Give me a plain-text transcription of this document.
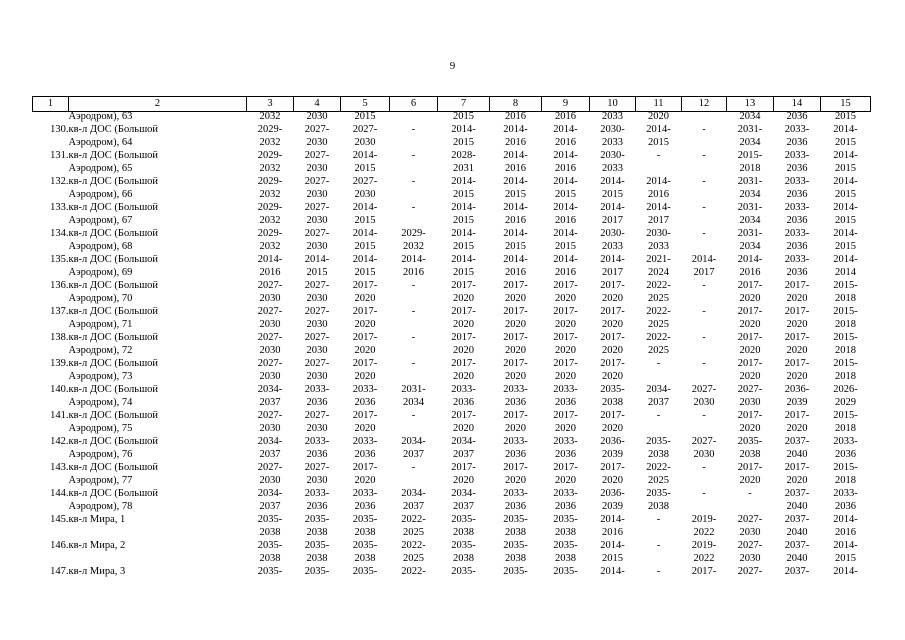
9
1	2	3	4	5	6	7	8	9	10	11	12	13	14	15
	Аэродром), 63	2032	2030	2015		2015	2016	2016	2033	2020		2034	2036	2015
130.	кв-л ДОС (Большой	2029-	2027-	2027-	-	2014-	2014-	2014-	2030-	2014-	-	2031-	2033-	2014-
	Аэродром), 64	2032	2030	2030		2015	2016	2016	2033	2015		2034	2036	2015
131.	кв-л ДОС (Большой	2029-	2027-	2014-	-	2028-	2014-	2014-	2030-	-	-	2015-	2033-	2014-
	Аэродром), 65	2032	2030	2015		2031	2016	2016	2033			2018	2036	2015
132.	кв-л ДОС (Большой	2029-	2027-	2027-	-	2014-	2014-	2014-	2014-	2014-	-	2031-	2033-	2014-
	Аэродром), 66	2032	2030	2030		2015	2015	2015	2015	2016		2034	2036	2015
133.	кв-л ДОС (Большой	2029-	2027-	2014-	-	2014-	2014-	2014-	2014-	2014-	-	2031-	2033-	2014-
	Аэродром), 67	2032	2030	2015		2015	2016	2016	2017	2017		2034	2036	2015
134.	кв-л ДОС (Большой	2029-	2027-	2014-	2029-	2014-	2014-	2014-	2030-	2030-	-	2031-	2033-	2014-
	Аэродром), 68	2032	2030	2015	2032	2015	2015	2015	2033	2033		2034	2036	2015
135.	кв-л ДОС (Большой	2014-	2014-	2014-	2014-	2014-	2014-	2014-	2014-	2021-	2014-	2014-	2033-	2014-
	Аэродром), 69	2016	2015	2015	2016	2015	2016	2016	2017	2024	2017	2016	2036	2014
136.	кв-л ДОС (Большой	2027-	2027-	2017-	-	2017-	2017-	2017-	2017-	2022-	-	2017-	2017-	2015-
	Аэродром), 70	2030	2030	2020		2020	2020	2020	2020	2025		2020	2020	2018
137.	кв-л ДОС (Большой	2027-	2027-	2017-	-	2017-	2017-	2017-	2017-	2022-	-	2017-	2017-	2015-
	Аэродром), 71	2030	2030	2020		2020	2020	2020	2020	2025		2020	2020	2018
138.	кв-л ДОС (Большой	2027-	2027-	2017-	-	2017-	2017-	2017-	2017-	2022-	-	2017-	2017-	2015-
	Аэродром), 72	2030	2030	2020		2020	2020	2020	2020	2025		2020	2020	2018
139.	кв-л ДОС (Большой	2027-	2027-	2017-	-	2017-	2017-	2017-	2017-	-	-	2017-	2017-	2015-
	Аэродром), 73	2030	2030	2020		2020	2020	2020	2020			2020	2020	2018
140.	кв-л ДОС (Большой	2034-	2033-	2033-	2031-	2033-	2033-	2033-	2035-	2034-	2027-	2027-	2036-	2026-
	Аэродром), 74	2037	2036	2036	2034	2036	2036	2036	2038	2037	2030	2030	2039	2029
141.	кв-л ДОС (Большой	2027-	2027-	2017-	-	2017-	2017-	2017-	2017-	-	-	2017-	2017-	2015-
	Аэродром), 75	2030	2030	2020		2020	2020	2020	2020			2020	2020	2018
142.	кв-л ДОС (Большой	2034-	2033-	2033-	2034-	2034-	2033-	2033-	2036-	2035-	2027-	2035-	2037-	2033-
	Аэродром), 76	2037	2036	2036	2037	2037	2036	2036	2039	2038	2030	2038	2040	2036
143.	кв-л ДОС (Большой	2027-	2027-	2017-	-	2017-	2017-	2017-	2017-	2022-	-	2017-	2017-	2015-
	Аэродром), 77	2030	2030	2020		2020	2020	2020	2020	2025		2020	2020	2018
144.	кв-л ДОС (Большой	2034-	2033-	2033-	2034-	2034-	2033-	2033-	2036-	2035-	-	-	2037-	2033-
	Аэродром), 78	2037	2036	2036	2037	2037	2036	2036	2039	2038			2040	2036
145.	кв-л Мира, 1	2035-	2035-	2035-	2022-	2035-	2035-	2035-	2014-	-	2019-	2027-	2037-	2014-
		2038	2038	2038	2025	2038	2038	2038	2016		2022	2030	2040	2016
146.	кв-л Мира, 2	2035-	2035-	2035-	2022-	2035-	2035-	2035-	2014-	-	2019-	2027-	2037-	2014-
		2038	2038	2038	2025	2038	2038	2038	2015		2022	2030	2040	2015
147.	кв-л Мира, 3	2035-	2035-	2035-	2022-	2035-	2035-	2035-	2014-	-	2017-	2027-	2037-	2014-
